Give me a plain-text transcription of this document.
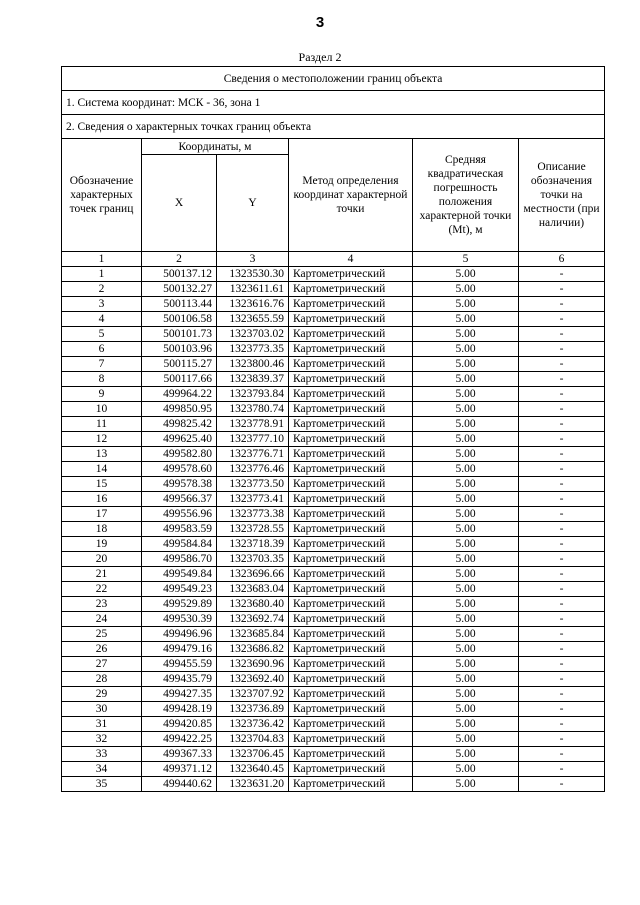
3
Раздел 2
Сведения о местоположении границ объекта					
1. Система координат: МСК - 36, зона 1					
2. Сведения о характерных точках границ объекта					
Обозначение характерных точек границ	Координаты, м		Метод определения координат характерной точки	Средняя квадратическая погрешность положения характерной точки (Mt), м	Описание обозначения точки на местности (при наличии)
	X	Y			
1	2	3	4	5	6
1	500137.12	1323530.30	Картометрический	5.00	-
2	500132.27	1323611.61	Картометрический	5.00	-
3	500113.44	1323616.76	Картометрический	5.00	-
4	500106.58	1323655.59	Картометрический	5.00	-
5	500101.73	1323703.02	Картометрический	5.00	-
6	500103.96	1323773.35	Картометрический	5.00	-
7	500115.27	1323800.46	Картометрический	5.00	-
8	500117.66	1323839.37	Картометрический	5.00	-
9	499964.22	1323793.84	Картометрический	5.00	-
10	499850.95	1323780.74	Картометрический	5.00	-
11	499825.42	1323778.91	Картометрический	5.00	-
12	499625.40	1323777.10	Картометрический	5.00	-
13	499582.80	1323776.71	Картометрический	5.00	-
14	499578.60	1323776.46	Картометрический	5.00	-
15	499578.38	1323773.50	Картометрический	5.00	-
16	499566.37	1323773.41	Картометрический	5.00	-
17	499556.96	1323773.38	Картометрический	5.00	-
18	499583.59	1323728.55	Картометрический	5.00	-
19	499584.84	1323718.39	Картометрический	5.00	-
20	499586.70	1323703.35	Картометрический	5.00	-
21	499549.84	1323696.66	Картометрический	5.00	-
22	499549.23	1323683.04	Картометрический	5.00	-
23	499529.89	1323680.40	Картометрический	5.00	-
24	499530.39	1323692.74	Картометрический	5.00	-
25	499496.96	1323685.84	Картометрический	5.00	-
26	499479.16	1323686.82	Картометрический	5.00	-
27	499455.59	1323690.96	Картометрический	5.00	-
28	499435.79	1323692.40	Картометрический	5.00	-
29	499427.35	1323707.92	Картометрический	5.00	-
30	499428.19	1323736.89	Картометрический	5.00	-
31	499420.85	1323736.42	Картометрический	5.00	-
32	499422.25	1323704.83	Картометрический	5.00	-
33	499367.33	1323706.45	Картометрический	5.00	-
34	499371.12	1323640.45	Картометрический	5.00	-
35	499440.62	1323631.20	Картометрический	5.00	-
